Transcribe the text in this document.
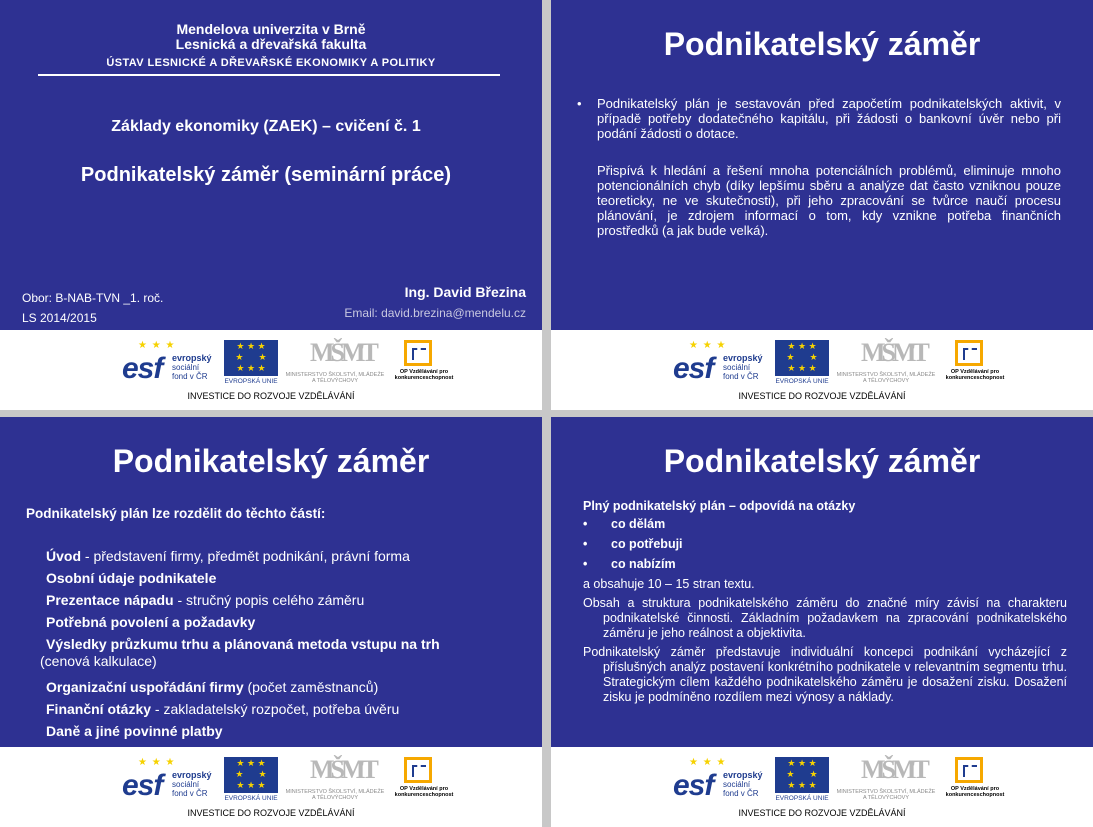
Mendelova univerzita v Brně
Lesnická a dřevařská fakulta
ÚSTAV LESNICKÉ A DŘEVAŘSKÉ EKONOMIKY A POLITIKY
Základy ekonomiky (ZAEK) – cvičení č. 1
Podnikatelský záměr (seminární práce)
Obor: B-NAB-TVN _1. roč.
LS 2014/2015
Ing. David Březina
Email: david.brezina@mendelu.cz
★ ★ ★
esf evropský
sociální
fond v ČR
★ ★ ★
★      ★
★ ★ ★
EVROPSKÁ UNIE
MŠMT
MINISTERSTVO ŠKOLSTVÍ, MLÁDEŽE A TĚLOVÝCHOVY
OP Vzdělávání pro konkurenceschopnost
INVESTICE DO ROZVOJE VZDĚLÁVÁNÍ
Podnikatelský záměr
• Podnikatelský plán je sestavován před započetím podnikatelských aktivit, v případě potřeby dodatečného kapitálu, při žádosti o bankovní úvěr nebo při podání žádosti o dotace.
Přispívá k hledání a řešení mnoha potenciálních problémů, eliminuje mnoho potencionálních chyb (díky lepšímu sběru a analýze dat často vzniknou pouze teoreticky, ne ve skutečnosti), při jeho zpracování se tvůrce naučí procesu plánování, je zdrojem informací o tom, kdy vznikne potřeba finančních prostředků (a jak bude velká).
★ ★ ★
esf evropský
sociální
fond v ČR
★ ★ ★
★      ★
★ ★ ★
EVROPSKÁ UNIE
MŠMT
MINISTERSTVO ŠKOLSTVÍ, MLÁDEŽE A TĚLOVÝCHOVY
OP Vzdělávání pro konkurenceschopnost
INVESTICE DO ROZVOJE VZDĚLÁVÁNÍ
Podnikatelský záměr
Podnikatelský plán lze rozdělit do těchto částí:
Úvod - představení firmy, předmět podnikání, právní forma
Osobní údaje podnikatele
Prezentace nápadu - stručný popis celého záměru
Potřebná povolení a požadavky
Výsledky průzkumu trhu a plánovaná metoda vstupu na trh
(cenová kalkulace)
Organizační uspořádání firmy (počet zaměstnanců)
Finanční otázky - zakladatelský rozpočet, potřeba úvěru
Daně a jiné povinné platby
★ ★ ★
esf evropský
sociální
fond v ČR
★ ★ ★
★      ★
★ ★ ★
EVROPSKÁ UNIE
MŠMT
MINISTERSTVO ŠKOLSTVÍ, MLÁDEŽE A TĚLOVÝCHOVY
OP Vzdělávání pro konkurenceschopnost
INVESTICE DO ROZVOJE VZDĚLÁVÁNÍ
Podnikatelský záměr
Plný podnikatelský plán – odpovídá na otázky
• co dělám
• co potřebuji
• co nabízím
a obsahuje 10 – 15 stran textu.
Obsah a struktura podnikatelského záměru do značné míry závisí na charakteru podnikatelské činnosti. Základním požadavkem na zpracování podnikatelského záměru je jeho reálnost a objektivita.
Podnikatelský záměr představuje individuální koncepci podnikání vycházející z příslušných analýz postavení konkrétního podnikatele v relevantním segmentu trhu. Strategickým cílem každého podnikatelského záměru je dosažení zisku. Dosažení zisku je podmíněno rozdílem mezi výnosy a náklady.
★ ★ ★
esf evropský
sociální
fond v ČR
★ ★ ★
★      ★
★ ★ ★
EVROPSKÁ UNIE
MŠMT
MINISTERSTVO ŠKOLSTVÍ, MLÁDEŽE A TĚLOVÝCHOVY
OP Vzdělávání pro konkurenceschopnost
INVESTICE DO ROZVOJE VZDĚLÁVÁNÍ
